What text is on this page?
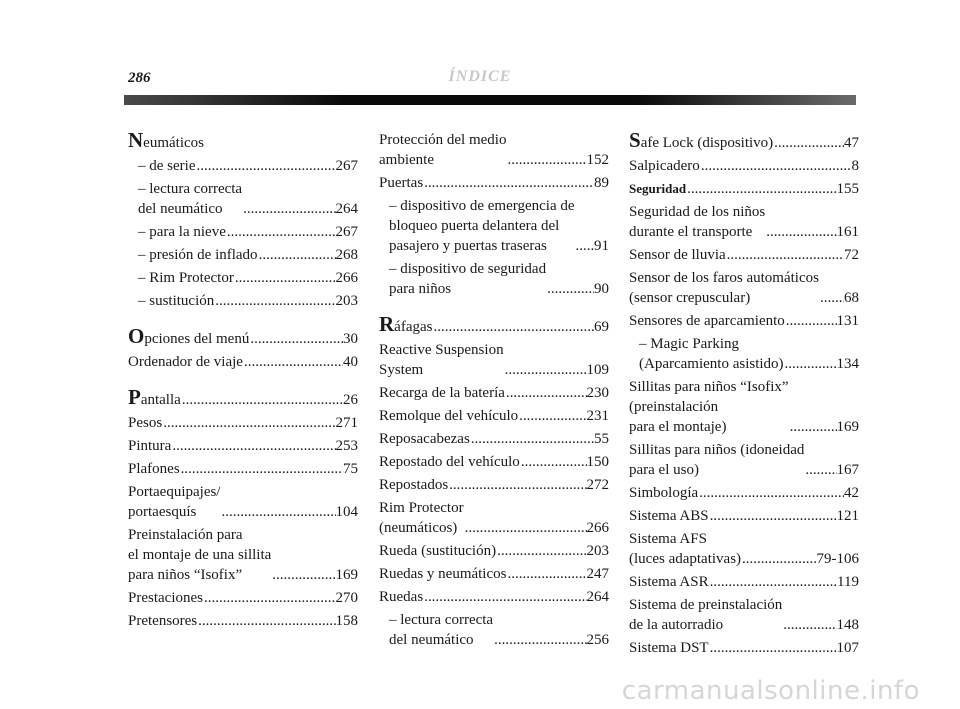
286	ÍNDICE
Neumáticos
– de serie .....	267
– lectura correcta
del neumático .....	264
– para la nieve .....	267
– presión de inflado .....	268
– Rim Protector .....	266
– sustitución .....	203
Opciones del menú .....	30
Ordenador de viaje .....	40
Pantalla .....	26
Pesos .....	271
Pintura .....	253
Plafones .....	75
Portaequipajes/
portaesquís .....	104
Preinstalación para
el montaje de una sillita
para niños “Isofix” .....	169
Prestaciones .....	270
Pretensores .....	158
Protección del medio
ambiente .....	152
Puertas .....	89
– dispositivo de emergencia de
bloqueo puerta delantera del
pasajero y puertas traseras .....	91
– dispositivo de seguridad
para niños .....	90
Ráfagas .....	69
Reactive Suspension
System .....	109
Recarga de la batería .....	230
Remolque del vehículo .....	231
Reposacabezas .....	55
Repostado del vehículo .....	150
Repostados .....	272
Rim Protector
(neumáticos) .....	266
Rueda (sustitución) .....	203
Ruedas y neumáticos .....	247
Ruedas .....	264
– lectura correcta
del neumático .....	256
Safe Lock (dispositivo) .....	47
Salpicadero .....	8
Seguridad .....	155
Seguridad de los niños
durante el transporte .....	161
Sensor de lluvia .....	72
Sensor de los faros automáticos
(sensor crepuscular) .....	68
Sensores de aparcamiento .....	131
– Magic Parking
(Aparcamiento asistido) .....	134
Sillitas para niños “Isofix”
(preinstalación
para el montaje) .....	169
Sillitas para niños (idoneidad
para el uso) .....	167
Simbología .....	42
Sistema ABS .....	121
Sistema AFS
(luces adaptativas) .....	79-106
Sistema ASR .....	119
Sistema de preinstalación
de la autorradio .....	148
Sistema DST .....	107
carmanualsonline.info
